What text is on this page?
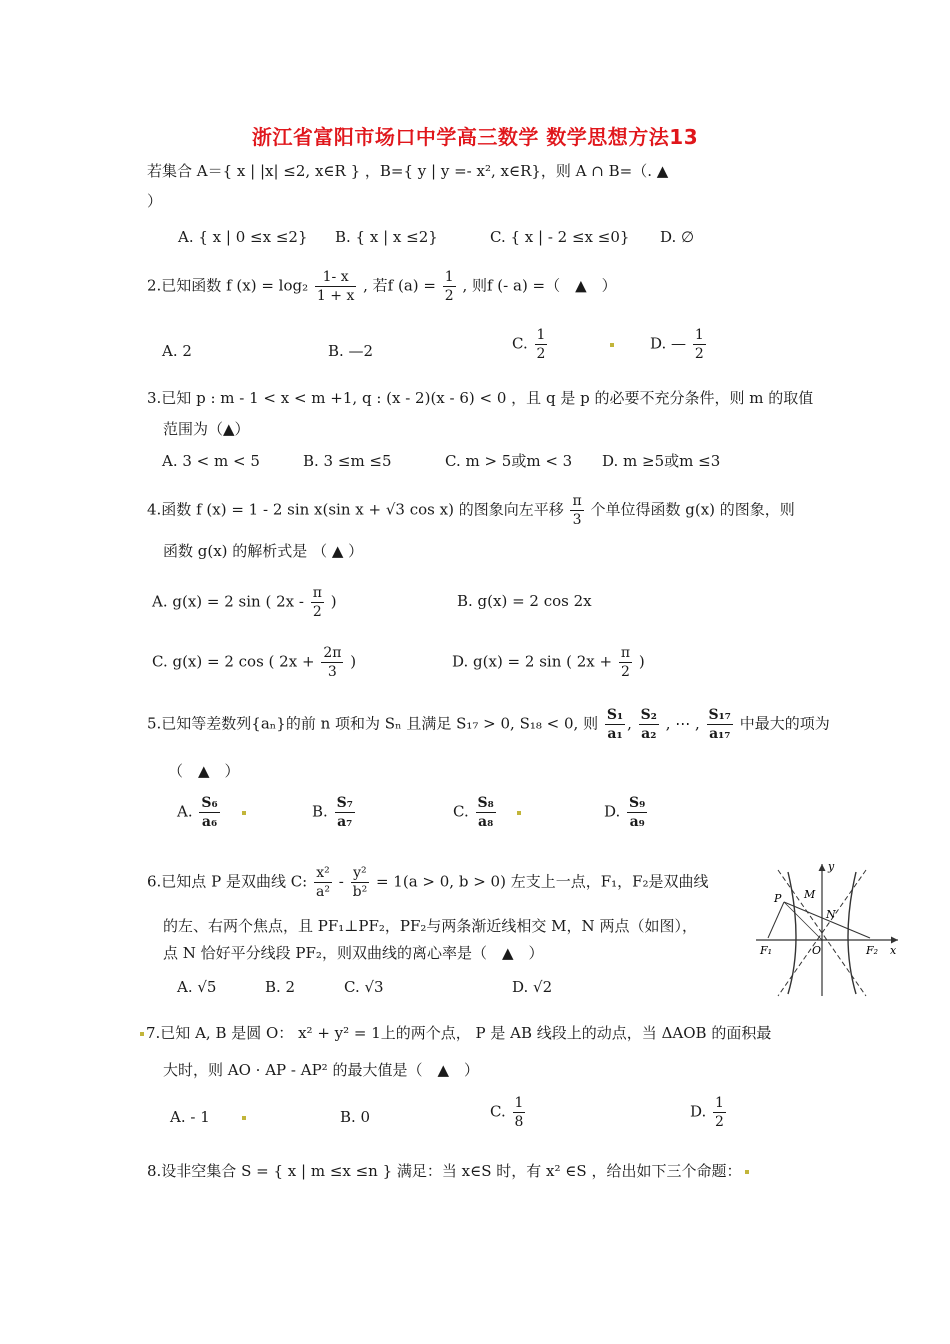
浙江省富阳市场口中学高三数学 数学思想方法13
若集合 A＝{ x | |x| ≤2, x∈R } ，B={ y | y =- x², x∈R}，则 A ∩ B=（. ▲
）
A. { x | 0 ≤x ≤2} B. { x | x ≤2}	C. { x | - 2 ≤x ≤0} D. ∅
2.已知函数 f $(x) = \log_2 \frac{1- x}{1 + x}$ , 若f $(a) = \frac{1}{2}$ , 则f (- a) =（　▲　）
A. 2	B. —2	C. $\frac{1}{2}$
	D. — $\frac{1}{2}$
3.已知 p : m - 1 < x < m +1, q : (x - 2)(x - 6) < 0 ，且 q 是 p 的必要不充分条件，则 m 的取值
范围为（▲）
A. 3 < m < 5	B. 3 ≤m ≤5	C. m > 5或m < 3 D. m ≥5或m ≤3
4.函数 f (x) = 1 - 2 sin x(sin x + √3 cos x) 的图象向左平移 $\frac{\pi}{3}$ 个单位得函数 g(x) 的图象，则
函数 g(x) 的解析式是 （ ▲ ）
A. g(x) = 2 sin ( $2x - \frac{\pi}{2}$ )	B. g(x) = 2 cos 2x
C. g(x) = 2 cos ( $2x + \frac{2\pi}{3}$ )	D. g(x) = 2 sin ( $2x + \frac{\pi}{2}$ )
5.已知等差数列{aₙ}的前 n 项和为 Sₙ 且满足 S₁₇ > 0, S₁₈ < 0, 则 $\frac{\text{S₁}}{\text{a₁}}$ , $\frac{\text{S₂}}{\text{a₂}}$ , ⋯ , $\frac{\text{S₁₇}}{\text{a₁₇}}$ 中最大的项为
（　▲　）
A. $\frac{\text{S₆}}{\text{a₆}}$
	B. $\frac{\text{S₇}}{\text{a₇}}$	C. $\frac{\text{S₈}}{\text{a₈}}$
	D. $\frac{\text{S₉}}{\text{a₉}}$
6.已知点 P 是双曲线 C: $\frac{\text{x²}}{\text{a²}} - \frac{\text{y²}}{\text{b²}} = 1(a > 0$, b > 0) 左支上一点，F₁，F₂是双曲线
的左、右两个焦点，且 PF₁⊥PF₂，PF₂与两条渐近线相交 M，N 两点（如图），
点 N 恰好平分线段 PF₂，则双曲线的离心率是（　▲　）
A. √5	B. 2	C. √3	D. √2
y
P M
N
F₁	O	F₂ x
7.已知 A, B 是圆 O： x² + y² = 1上的两个点， P 是 AB 线段上的动点，当 ΔAOB 的面积最
大时，则 AO · AP - AP² 的最大值是（　▲　）
A. - 1	B. 0	C. $\frac{1}{8}$	D. $\frac{1}{2}$
8.设非空集合 S = { x | m ≤x ≤n } 满足：当 x∈S 时，有 x² ∈S ，给出如下三个命题：
